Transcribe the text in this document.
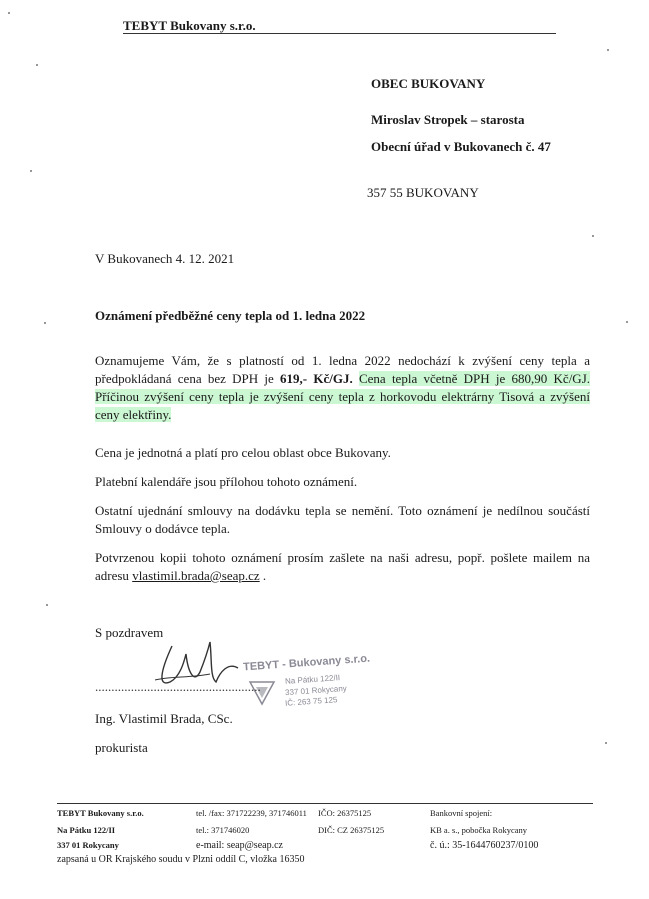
TEBYT Bukovany s.r.o.
OBEC BUKOVANY
Miroslav Stropek – starosta
Obecní úřad v Bukovanech č. 47
357 55 BUKOVANY
V Bukovanech 4. 12. 2021
Oznámení předběžné ceny tepla od 1. ledna 2022
Oznamujeme Vám, že s platností od 1. ledna 2022 nedochází k zvýšení ceny tepla a předpokládaná cena bez DPH je 619,- Kč/GJ. Cena tepla včetně DPH je 680,90 Kč/GJ. Příčinou zvýšení ceny tepla je zvýšení ceny tepla z horkovodu elektrárny Tisová a zvýšení ceny elektřiny.
Cena je jednotná a platí pro celou oblast obce Bukovany.
Platební kalendáře jsou přílohou tohoto oznámení.
Ostatní ujednání smlouvy na dodávku tepla se nemění. Toto oznámení je nedílnou součástí Smlouvy o dodávce tepla.
Potvrzenou kopii tohoto oznámení prosím zašlete na naši adresu, popř. pošlete mailem na adresu vlastimil.brada@seap.cz .
S pozdravem
TEBYT - Bukovany s.r.o.
Na Pátku 122/II
337 01 Rokycany
IČ: 263 75 125
...................................................
Ing. Vlastimil Brada, CSc.
prokurista
TEBYT Bukovany s.r.o.
Na Pátku 122/II
337 01 Rokycany
zapsaná u OR Krajského soudu v Plzni oddíl C, vložka 16350
tel. /fax: 371722239, 371746011
tel.: 371746020
e-mail: seap@seap.cz
IČO: 26375125
DIČ: CZ 26375125
Bankovní spojení:
KB a. s., pobočka Rokycany
č. ú.: 35-1644760237/0100
